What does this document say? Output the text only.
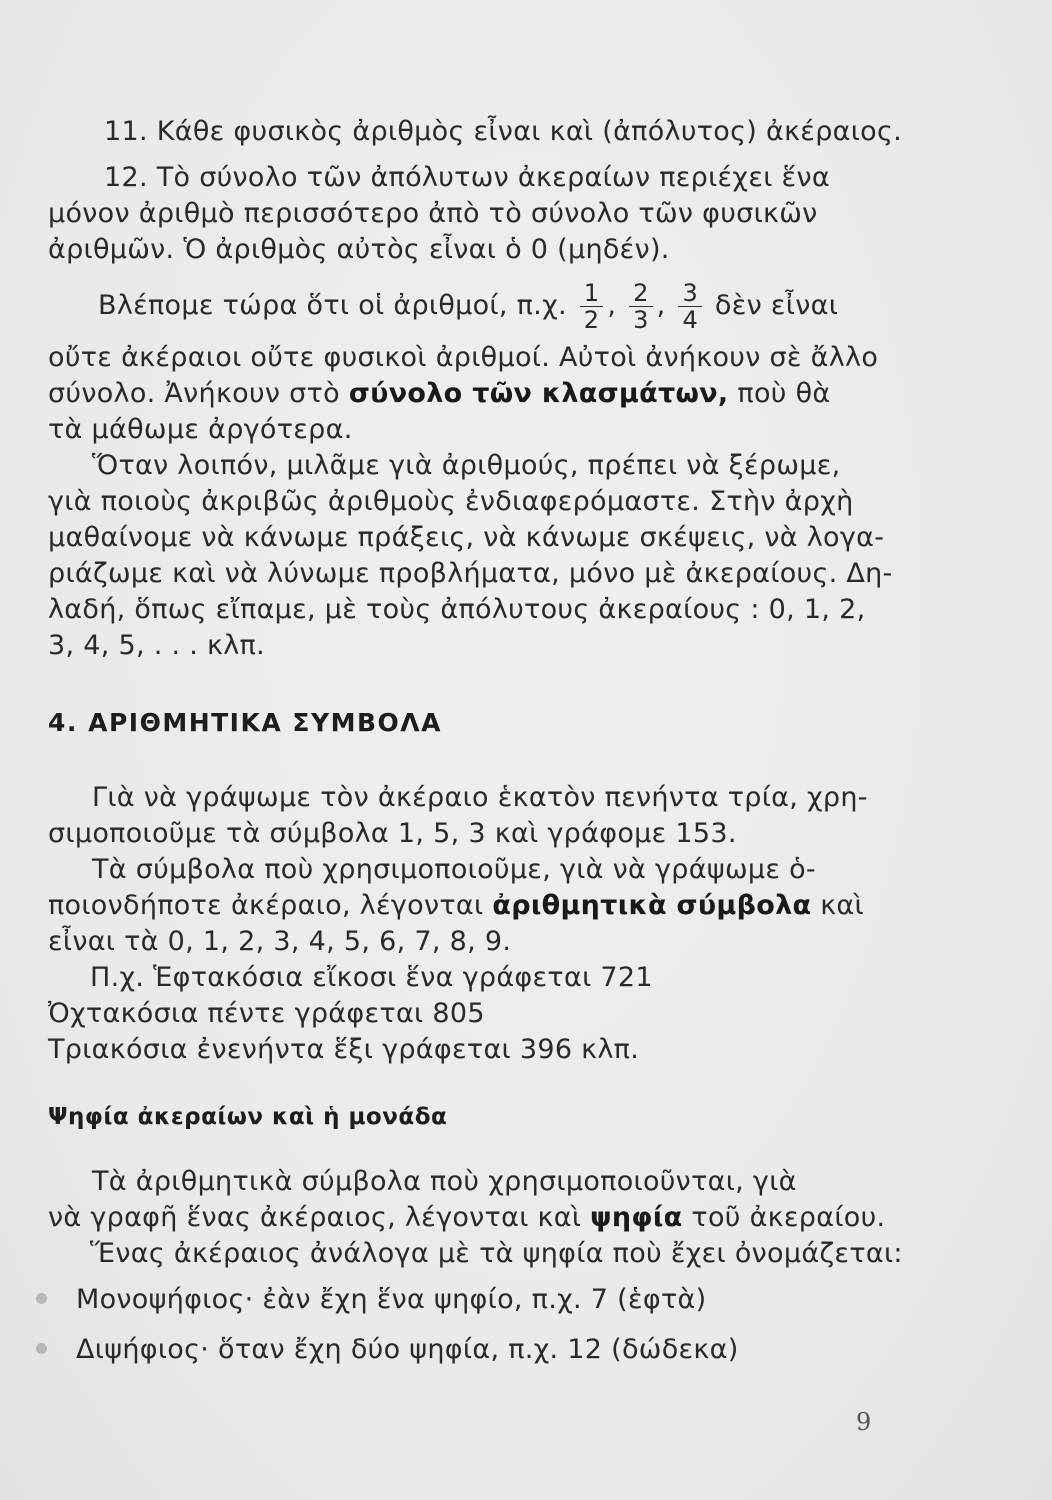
11. Κάθε φυσικὸς ἀριθμὸς εἶναι καὶ (ἀπόλυτος) ἀκέραιος.
12. Τὸ σύνολο τῶν ἀπόλυτων ἀκεραίων περιέχει ἕνα
μόνον ἀριθμὸ περισσότερο ἀπὸ τὸ σύνολο τῶν φυσικῶν
ἀριθμῶν. Ὁ ἀριθμὸς αὐτὸς εἶναι ὁ 0 (μηδέν).
Βλέπομε τώρα ὅτι οἱ ἀριθμοί, π.χ. $\frac{1}{2}$ , $\frac{2}{3}$ , $\frac{3}{4}$ δὲν εἶναι
οὔτε ἀκέραιοι οὔτε φυσικοὶ ἀριθμοί. Αὐτοὶ ἀνήκουν σὲ ἄλλο
σύνολο. Ἀνήκουν στὸ σύνολο τῶν κλασμάτων, ποὺ θὰ
τὰ μάθωμε ἀργότερα.
Ὅταν λοιπόν, μιλᾶμε γιὰ ἀριθμούς, πρέπει νὰ ξέρωμε,
γιὰ ποιοὺς ἀκριβῶς ἀριθμοὺς ἐνδιαφερόμαστε. Στὴν ἀρχὴ
μαθαίνομε νὰ κάνωμε πράξεις, νὰ κάνωμε σκέψεις, νὰ λογα-
ριάζωμε καὶ νὰ λύνωμε προβλήματα, μόνο μὲ ἀκεραίους. Δη-
λαδή, ὅπως εἴπαμε, μὲ τοὺς ἀπόλυτους ἀκεραίους : 0, 1, 2,
3, 4, 5, . . . κλπ.
4. ΑΡΙΘΜΗΤΙΚΑ ΣΥΜΒΟΛΑ
Γιὰ νὰ γράψωμε τὸν ἀκέραιο ἑκατὸν πενήντα τρία, χρη-
σιμοποιοῦμε τὰ σύμβολα 1, 5, 3 καὶ γράφομε 153.
Τὰ σύμβολα ποὺ χρησιμοποιοῦμε, γιὰ νὰ γράψωμε ὁ-
ποιονδήποτε ἀκέραιο, λέγονται ἀριθμητικὰ σύμβολα καὶ
εἶναι τὰ 0, 1, 2, 3, 4, 5, 6, 7, 8, 9.
Π.χ. Ἑφτακόσια εἴκοσι ἕνα γράφεται 721
Ὀχτακόσια πέντε γράφεται 805
Τριακόσια ἐνενήντα ἕξι γράφεται 396 κλπ.
Ψηφία ἀκεραίων καὶ ἡ μονάδα
Τὰ ἀριθμητικὰ σύμβολα ποὺ χρησιμοποιοῦνται, γιὰ
νὰ γραφῆ ἕνας ἀκέραιος, λέγονται καὶ ψηφία τοῦ ἀκεραίου.
Ἕνας ἀκέραιος ἀνάλογα μὲ τὰ ψηφία ποὺ ἔχει ὀνομάζεται:
Μονοψήφιος· ἐὰν ἔχη ἕνα ψηφίο, π.χ. 7 (ἑφτὰ)
Διψήφιος· ὅταν ἔχη δύο ψηφία, π.χ. 12 (δώδεκα)
9
